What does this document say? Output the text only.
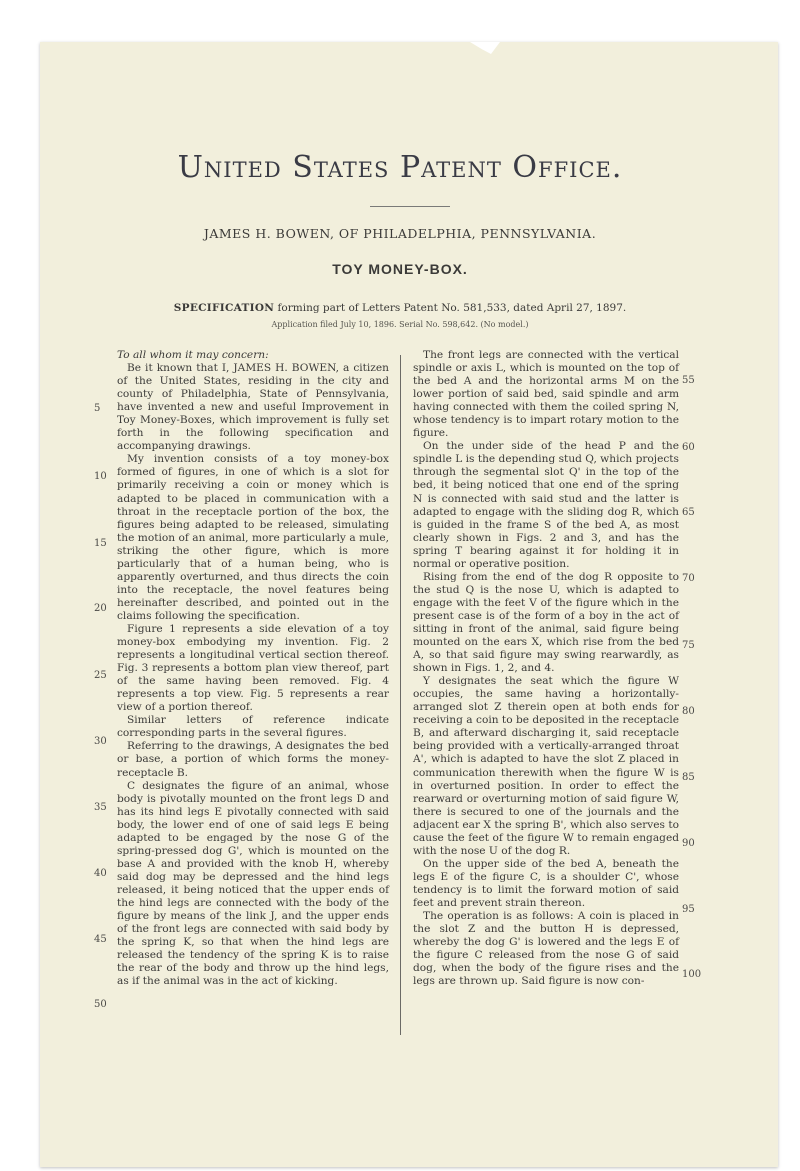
United States Patent Office.
JAMES H. BOWEN, OF PHILADELPHIA, PENNSYLVANIA.
TOY MONEY-BOX.
SPECIFICATION forming part of Letters Patent No. 581,533, dated April 27, 1897.
Application filed July 10, 1896. Serial No. 598,642. (No model.)

To all whom it may concern:

Be it known that I, JAMES H. BOWEN, a citizen of the United States, residing in the city and county of Philadelphia, State of Pennsylvania, have invented a new and useful Improvement in Toy Money-Boxes, which improvement is fully set forth in the following specification and accompanying drawings.

My invention consists of a toy money-box formed of figures, in one of which is a slot for primarily receiving a coin or money which is adapted to be placed in communication with a throat in the receptacle portion of the box, the figures being adapted to be released, simulating the motion of an animal, more particularly a mule, striking the other figure, which is more particularly that of a human being, who is apparently overturned, and thus directs the coin into the receptacle, the novel features being hereinafter described, and pointed out in the claims following the specification.

Figure 1 represents a side elevation of a toy money-box embodying my invention. Fig. 2 represents a longitudinal vertical section thereof. Fig. 3 represents a bottom plan view thereof, part of the same having been removed. Fig. 4 represents a top view. Fig. 5 represents a rear view of a portion thereof.

Similar letters of reference indicate corresponding parts in the several figures.

Referring to the drawings, A designates the bed or base, a portion of which forms the money-receptacle B.

C designates the figure of an animal, whose body is pivotally mounted on the front legs D and has its hind legs E pivotally connected with said body, the lower end of one of said legs E being adapted to be engaged by the nose G of the spring-pressed dog G', which is mounted on the base A and provided with the knob H, whereby said dog may be depressed and the hind legs released, it being noticed that the upper ends of the hind legs are connected with the body of the figure by means of the link J, and the upper ends of the front legs are connected with said body by the spring K, so that when the hind legs are released the tendency of the spring K is to raise the rear of the body and throw up the hind legs, as if the animal was in the act of kicking.

The front legs are connected with the vertical spindle or axis L, which is mounted on the top of the bed A and the horizontal arms M on the lower portion of said bed, said spindle and arm having connected with them the coiled spring N, whose tendency is to impart rotary motion to the figure.

On the under side of the head P and the spindle L is the depending stud Q, which projects through the segmental slot Q' in the top of the bed, it being noticed that one end of the spring N is connected with said stud and the latter is adapted to engage with the sliding dog R, which is guided in the frame S of the bed A, as most clearly shown in Figs. 2 and 3, and has the spring T bearing against it for holding it in normal or operative position.

Rising from the end of the dog R opposite to the stud Q is the nose U, which is adapted to engage with the feet V of the figure which in the present case is of the form of a boy in the act of sitting in front of the animal, said figure being mounted on the ears X, which rise from the bed A, so that said figure may swing rearwardly, as shown in Figs. 1, 2, and 4.

Y designates the seat which the figure W occupies, the same having a horizontally-arranged slot Z therein open at both ends for receiving a coin to be deposited in the receptacle B, and afterward discharging it, said receptacle being provided with a vertically-arranged throat A', which is adapted to have the slot Z placed in communication therewith when the figure W is in overturned position. In order to effect the rearward or overturning motion of said figure W, there is secured to one of the journals and the adjacent ear X the spring B', which also serves to cause the feet of the figure W to remain engaged with the nose U of the dog R.

On the upper side of the bed A, beneath the legs E of the figure C, is a shoulder C', whose tendency is to limit the forward motion of said feet and prevent strain thereon.

The operation is as follows: A coin is placed in the slot Z and the button H is depressed, whereby the dog G' is lowered and the legs E of the figure C released from the nose G of said dog, when the body of the figure rises and the legs are thrown up. Said figure is now con-

5
10
15
20
25
30
35
40
45
50
55
60
65
70
75
80
85
90
95
100
